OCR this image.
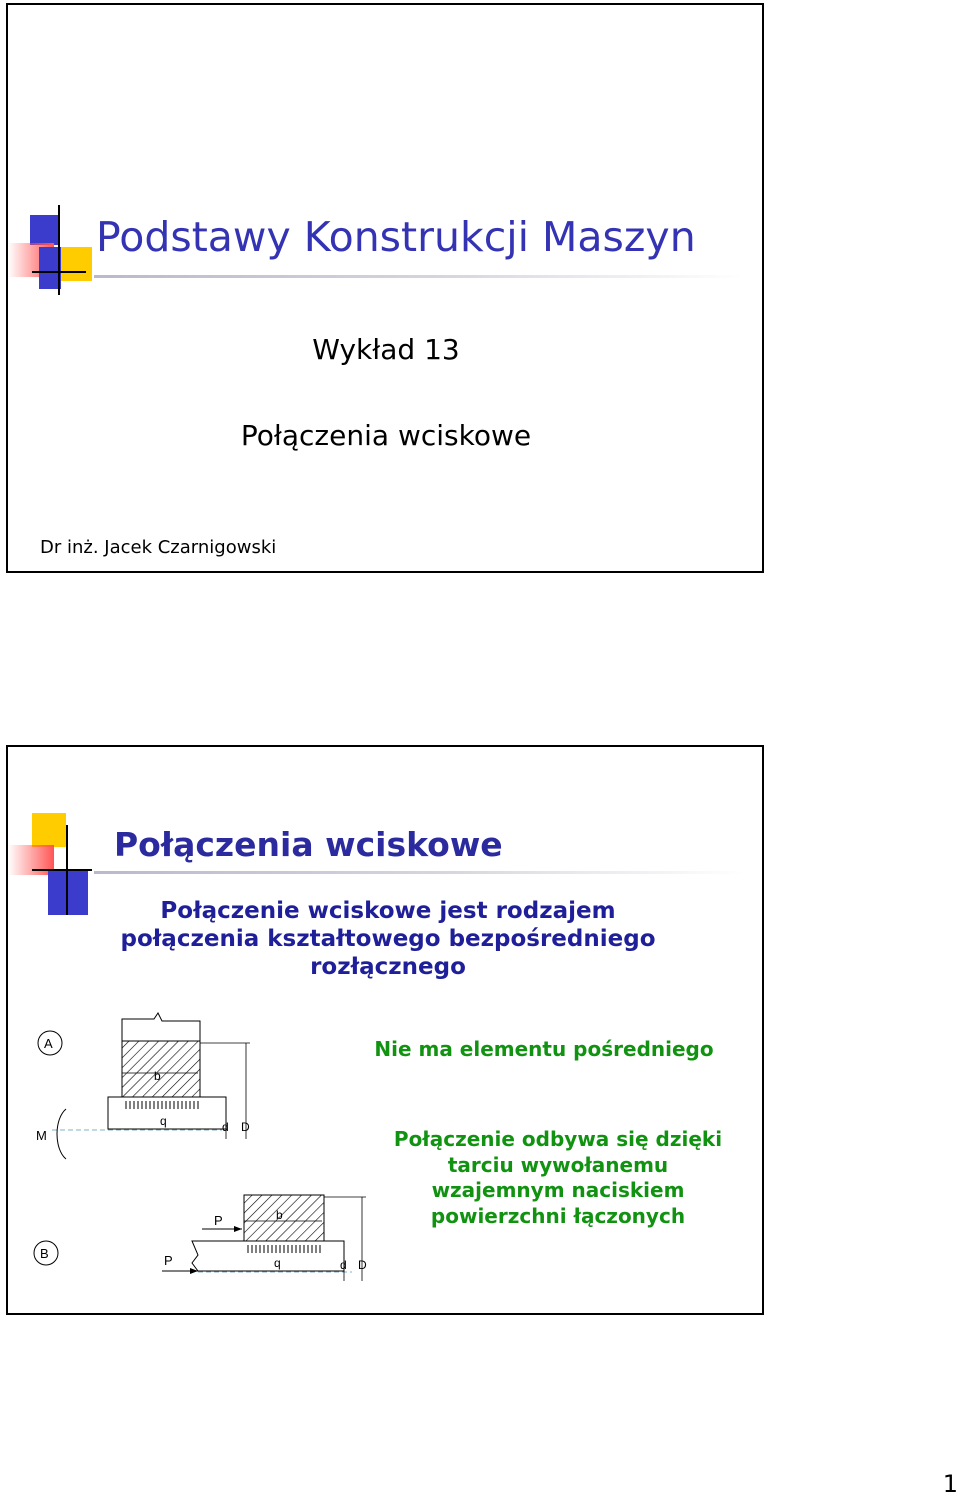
Podstawy Konstrukcji Maszyn
Wykład 13
Połączenia wciskowe
Dr inż. Jacek Czarnigowski
Połączenia wciskowe
Połączenie wciskowe jest rodzajem połączenia kształtowego bezpośredniego rozłącznego
A
b
q
M
d D
B
b
P
q
P	d D
Nie ma elementu pośredniego
Połączenie odbywa się dzięki tarciu wywołanemu wzajemnym naciskiem powierzchni łączonych
1
